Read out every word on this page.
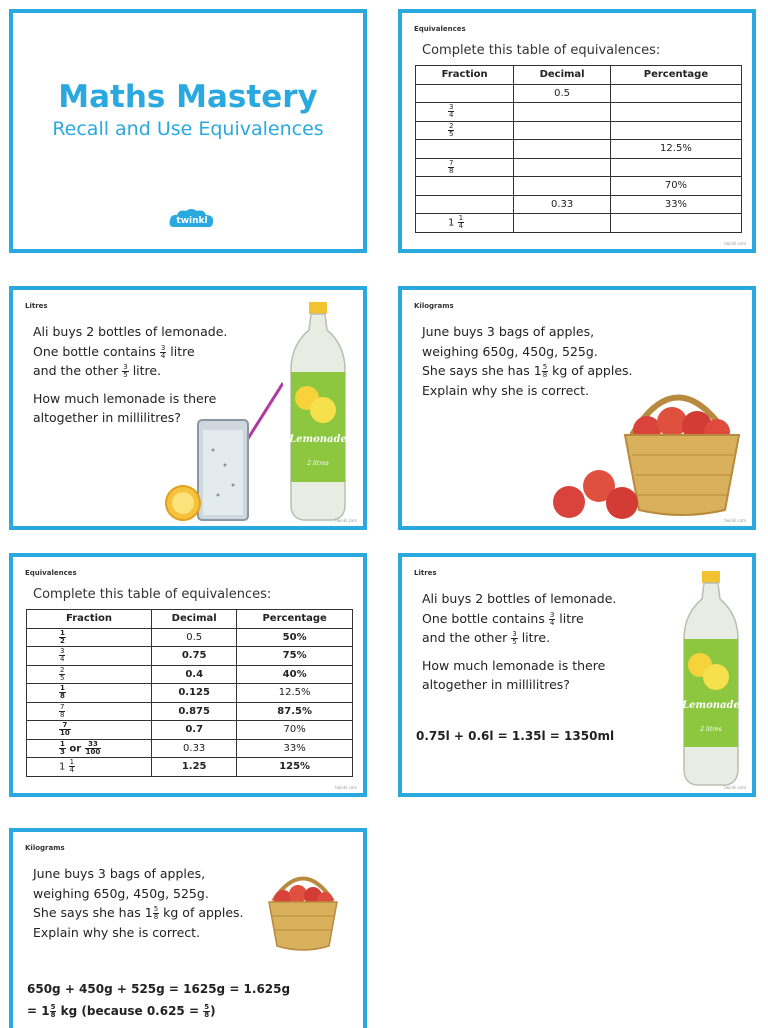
Maths Mastery
Recall and Use Equivalences
twinkl
Equivalences
Complete this table of equivalences:
Fraction	Decimal	Percentage
	0.5	

$\frac{3}{4}$

$\frac{2}{5}$

		12.5%

$\frac{7}{8}$

		70%
	0.33	33%
$1 \frac{1}{4}$

twinkl.com
Litres

Ali buys 2 bottles of lemonade.

One bottle contains $\frac{3}{4}$ litre

and the other $\frac{3}{5}$ litre.

How much lemonade is there

altogether in millilitres?

Lemonade
2 litres
twinkl.com
Kilograms

June buys 3 bags of apples,

weighing 650g, 450g, 525g.

She says she has $1 \frac{5}{8}$ kg of apples.

Explain why she is correct.

twinkl.com
Equivalences
Complete this table of equivalences:
Fraction	Decimal	Percentage

$\frac{1}{2}$	0.5	50%

$\frac{3}{4}$	0.75	75%

$\frac{2}{5}$	0.4	40%

$\frac{1}{8}$	0.125	12.5%

$\frac{7}{8}$	0.875	87.5%

$\frac{7}{10}$	0.7	70%

$\frac{1}{3}$ or $\frac{33}{100}$	0.33	33%
$1 \frac{1}{4}$	1.25	125%
twinkl.com
Litres

Ali buys 2 bottles of lemonade.

One bottle contains $\frac{3}{4}$ litre

and the other $\frac{3}{5}$ litre.

How much lemonade is there

altogether in millilitres?

0.75l + 0.6l = 1.35l = 1350ml
Lemonade
2 litres
twinkl.com
Kilograms

June buys 3 bags of apples,

weighing 650g, 450g, 525g.

She says she has $1 \frac{5}{8}$ kg of apples.

Explain why she is correct.

650g + 450g + 525g = 1625g = 1.625g
= $1 \frac{5}{8}$ kg (because $0.625 = \frac{5}{8}$ )
